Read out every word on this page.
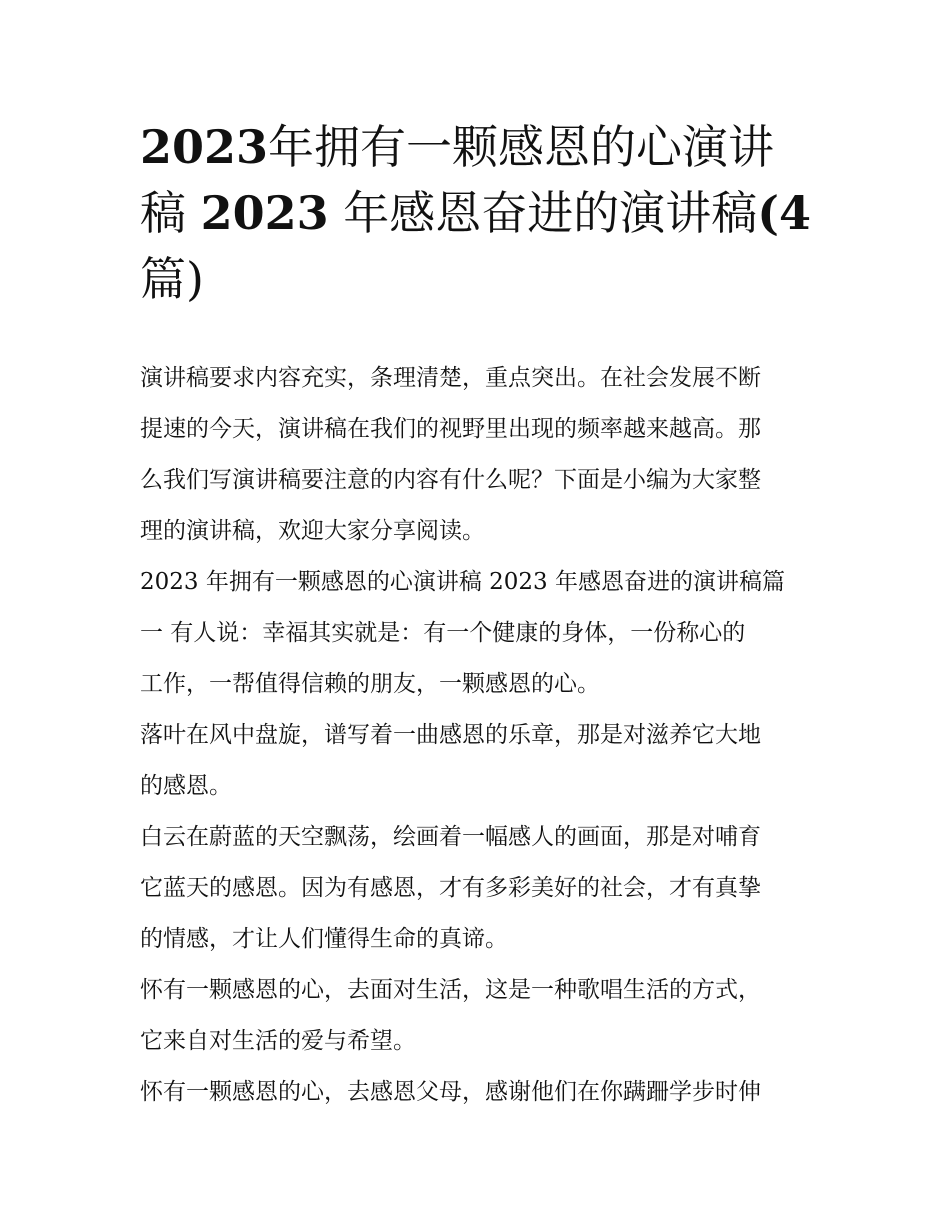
2023年拥有一颗感恩的心演讲
稿 2023 年感恩奋进的演讲稿(4
篇)

演讲稿要求内容充实，条理清楚，重点突出。在社会发展不断
提速的今天，演讲稿在我们的视野里出现的频率越来越高。那
么我们写演讲稿要注意的内容有什么呢？下面是小编为大家整
理的演讲稿，欢迎大家分享阅读。

2023 年拥有一颗感恩的心演讲稿 2023 年感恩奋进的演讲稿篇
一 有人说：幸福其实就是：有一个健康的身体，一份称心的
工作，一帮值得信赖的朋友，一颗感恩的心。

落叶在风中盘旋，谱写着一曲感恩的乐章，那是对滋养它大地
的感恩。

白云在蔚蓝的天空飘荡，绘画着一幅感人的画面，那是对哺育
它蓝天的感恩。因为有感恩，才有多彩美好的社会，才有真挚
的情感，才让人们懂得生命的真谛。

怀有一颗感恩的心，去面对生活，这是一种歌唱生活的方式，
它来自对生活的爱与希望。

怀有一颗感恩的心，去感恩父母，感谢他们在你蹒跚学步时伸
